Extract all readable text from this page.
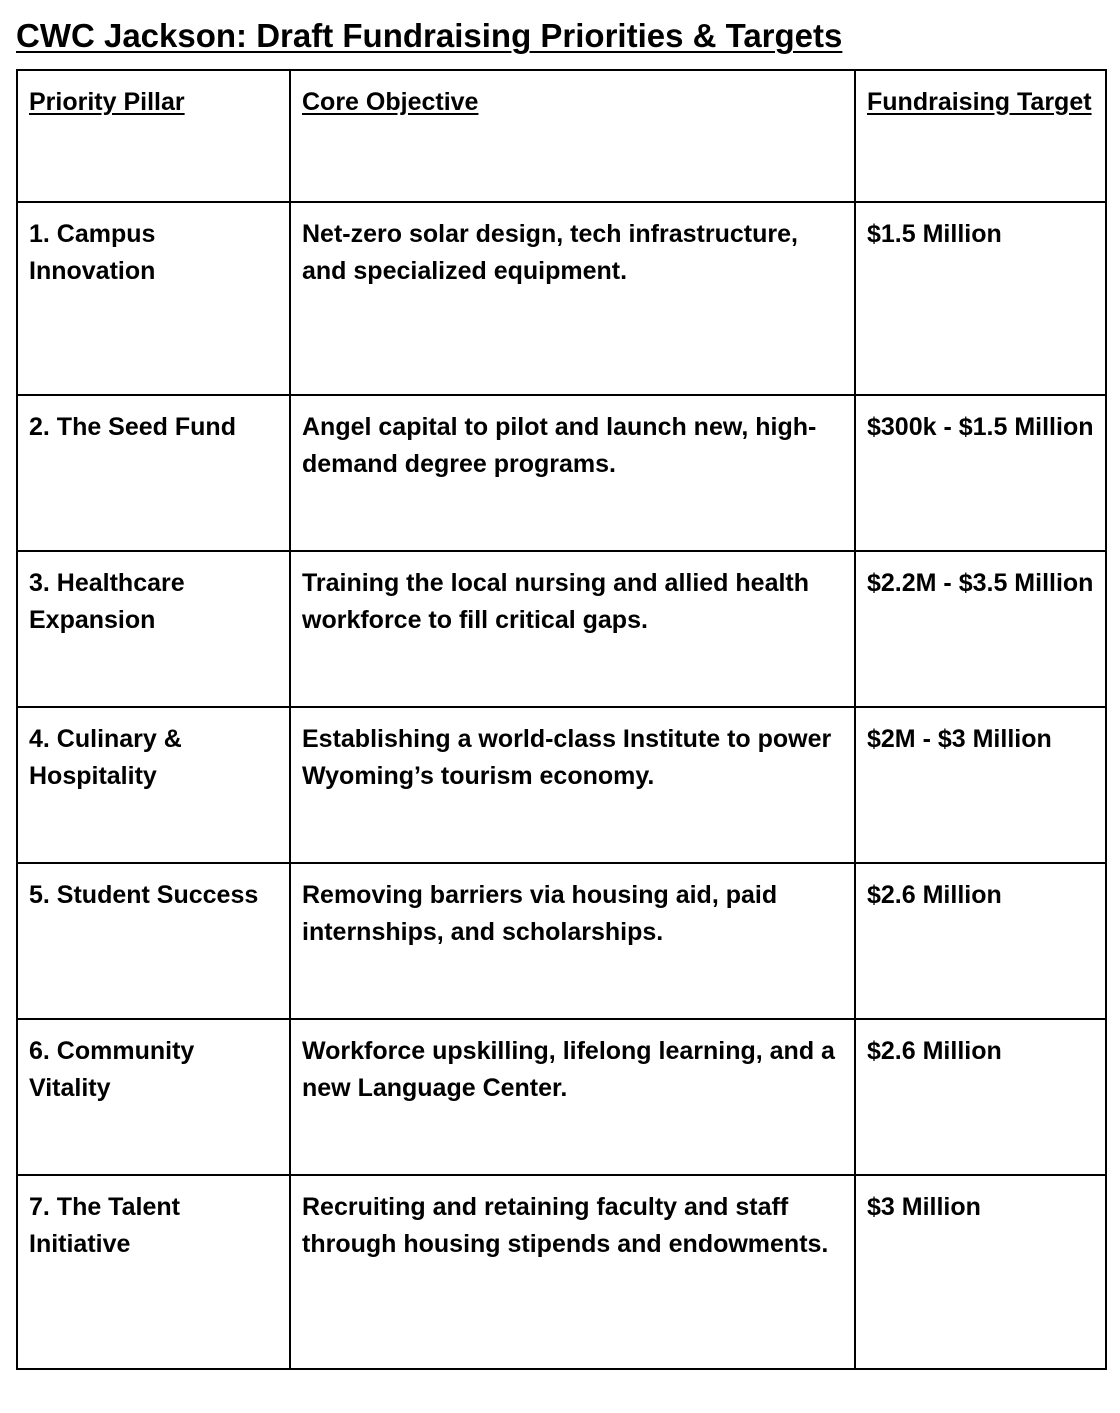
CWC Jackson: Draft Fundraising Priorities & Targets
Priority Pillar	Core Objective	Fundraising Target
1. Campus Innovation	Net-zero solar design, tech infrastructure, and specialized equipment.	$1.5 Million
2. The Seed Fund	Angel capital to pilot and launch new, high-demand degree programs.	$300k - $1.5 Million
3. Healthcare Expansion	Training the local nursing and allied health workforce to fill critical gaps.	$2.2M - $3.5 Million
4. Culinary & Hospitality	Establishing a world-class Institute to power Wyoming’s tourism economy.	$2M - $3 Million
5. Student Success	Removing barriers via housing aid, paid internships, and scholarships.	$2.6 Million
6. Community Vitality	Workforce upskilling, lifelong learning, and a new Language Center.	$2.6 Million
7. The Talent Initiative	Recruiting and retaining faculty and staff through housing stipends and endowments.	$3 Million
